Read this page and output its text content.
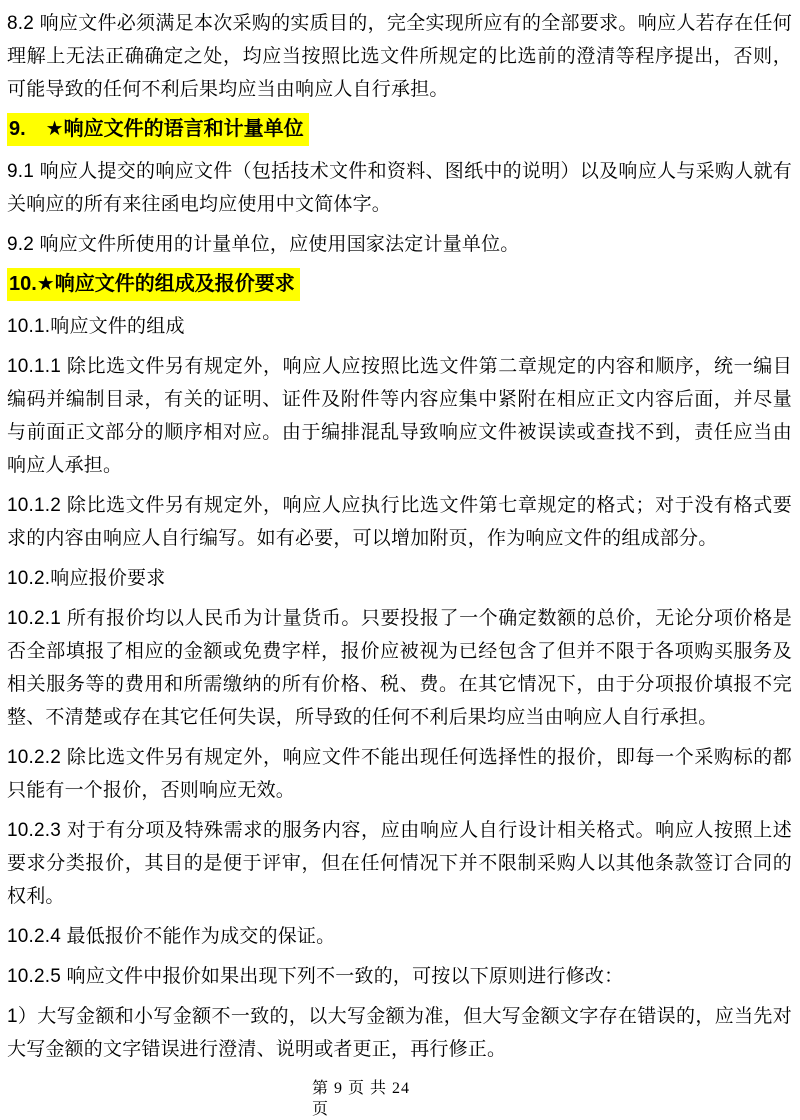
8.2 响应文件必须满足本次采购的实质目的，完全实现所应有的全部要求。响应人若存在任何理解上无法正确确定之处，均应当按照比选文件所规定的比选前的澄清等程序提出，否则，可能导致的任何不利后果均应当由响应人自行承担。

9.　★响应文件的语言和计量单位

9.1 响应人提交的响应文件（包括技术文件和资料、图纸中的说明）以及响应人与采购人就有关响应的所有来往函电均应使用中文简体字。

9.2 响应文件所使用的计量单位，应使用国家法定计量单位。

10.★响应文件的组成及报价要求

10.1.响应文件的组成

10.1.1 除比选文件另有规定外，响应人应按照比选文件第二章规定的内容和顺序，统一编目编码并编制目录，有关的证明、证件及附件等内容应集中紧附在相应正文内容后面，并尽量与前面正文部分的顺序相对应。由于编排混乱导致响应文件被误读或查找不到，责任应当由响应人承担。

10.1.2 除比选文件另有规定外，响应人应执行比选文件第七章规定的格式；对于没有格式要求的内容由响应人自行编写。如有必要，可以增加附页，作为响应文件的组成部分。

10.2.响应报价要求

10.2.1 所有报价均以人民币为计量货币。只要投报了一个确定数额的总价，无论分项价格是否全部填报了相应的金额或免费字样，报价应被视为已经包含了但并不限于各项购买服务及相关服务等的费用和所需缴纳的所有价格、税、费。在其它情况下，由于分项报价填报不完整、不清楚或存在其它任何失误，所导致的任何不利后果均应当由响应人自行承担。

10.2.2 除比选文件另有规定外，响应文件不能出现任何选择性的报价，即每一个采购标的都只能有一个报价，否则响应无效。

10.2.3 对于有分项及特殊需求的服务内容，应由响应人自行设计相关格式。响应人按照上述要求分类报价，其目的是便于评审，但在任何情况下并不限制采购人以其他条款签订合同的权利。

10.2.4 最低报价不能作为成交的保证。

10.2.5 响应文件中报价如果出现下列不一致的，可按以下原则进行修改：

1）大写金额和小写金额不一致的，以大写金额为准，但大写金额文字存在错误的，应当先对大写金额的文字错误进行澄清、说明或者更正，再行修正。

第 9 页 共 24
页
